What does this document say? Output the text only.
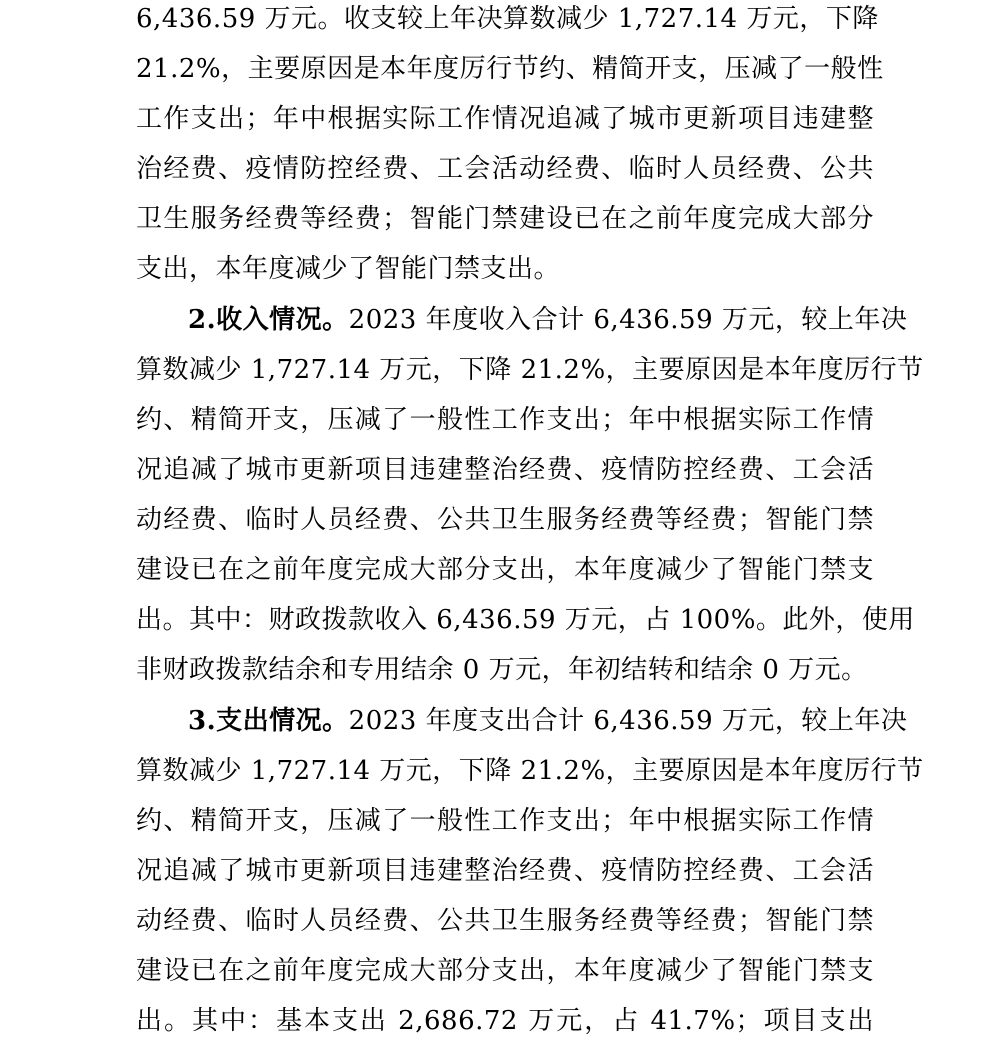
6,436.59 万元。收支较上年决算数减少 1,727.14 万元，下降
21.2%，主要原因是本年度厉行节约、精简开支，压减了一般性
工作支出；年中根据实际工作情况追减了城市更新项目违建整
治经费、疫情防控经费、工会活动经费、临时人员经费、公共
卫生服务经费等经费；智能门禁建设已在之前年度完成大部分
支出，本年度减少了智能门禁支出。
2.收入情况。2023 年度收入合计 6,436.59 万元，较上年决
算数减少 1,727.14 万元，下降 21.2%，主要原因是本年度厉行节
约、精简开支，压减了一般性工作支出；年中根据实际工作情
况追减了城市更新项目违建整治经费、疫情防控经费、工会活
动经费、临时人员经费、公共卫生服务经费等经费；智能门禁
建设已在之前年度完成大部分支出，本年度减少了智能门禁支
出。其中：财政拨款收入 6,436.59 万元，占 100%。此外，使用
非财政拨款结余和专用结余 0 万元，年初结转和结余 0 万元。
3.支出情况。2023 年度支出合计 6,436.59 万元，较上年决
算数减少 1,727.14 万元，下降 21.2%，主要原因是本年度厉行节
约、精简开支，压减了一般性工作支出；年中根据实际工作情
况追减了城市更新项目违建整治经费、疫情防控经费、工会活
动经费、临时人员经费、公共卫生服务经费等经费；智能门禁
建设已在之前年度完成大部分支出，本年度减少了智能门禁支
出。其中：基本支出 2,686.72 万元，占 41.7%；项目支出
